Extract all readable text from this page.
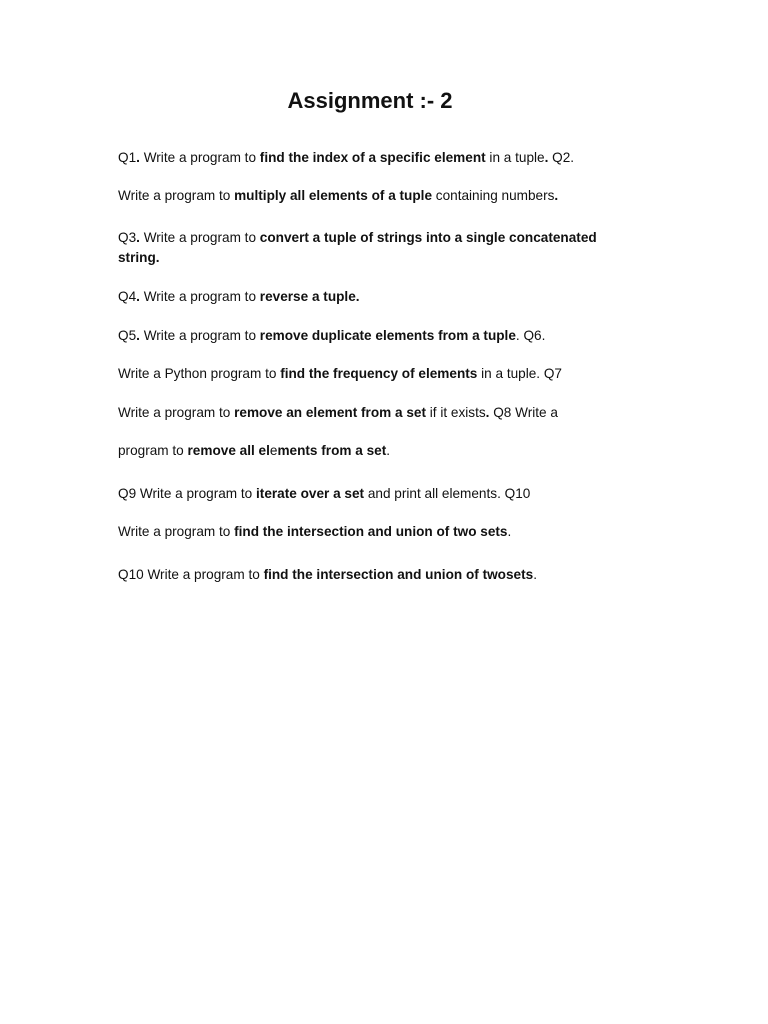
Assignment :- 2

Q1. Write a program to find the index of a specific element in a tuple. Q2.

Write a program to multiply all elements of a tuple containing numbers.

Q3. Write a program to convert a tuple of strings into a single concatenated string.

Q4. Write a program to reverse a tuple.

Q5. Write a program to remove duplicate elements from a tuple. Q6.

Write a Python program to find the frequency of elements in a tuple. Q7

Write a program to remove an element from a set if it exists. Q8 Write a

program to remove all elements from a set.

Q9 Write a program to iterate over a set and print all elements. Q10

Write a program to find the intersection and union of two sets.

Q10 Write a program to find the intersection and union of twosets.
